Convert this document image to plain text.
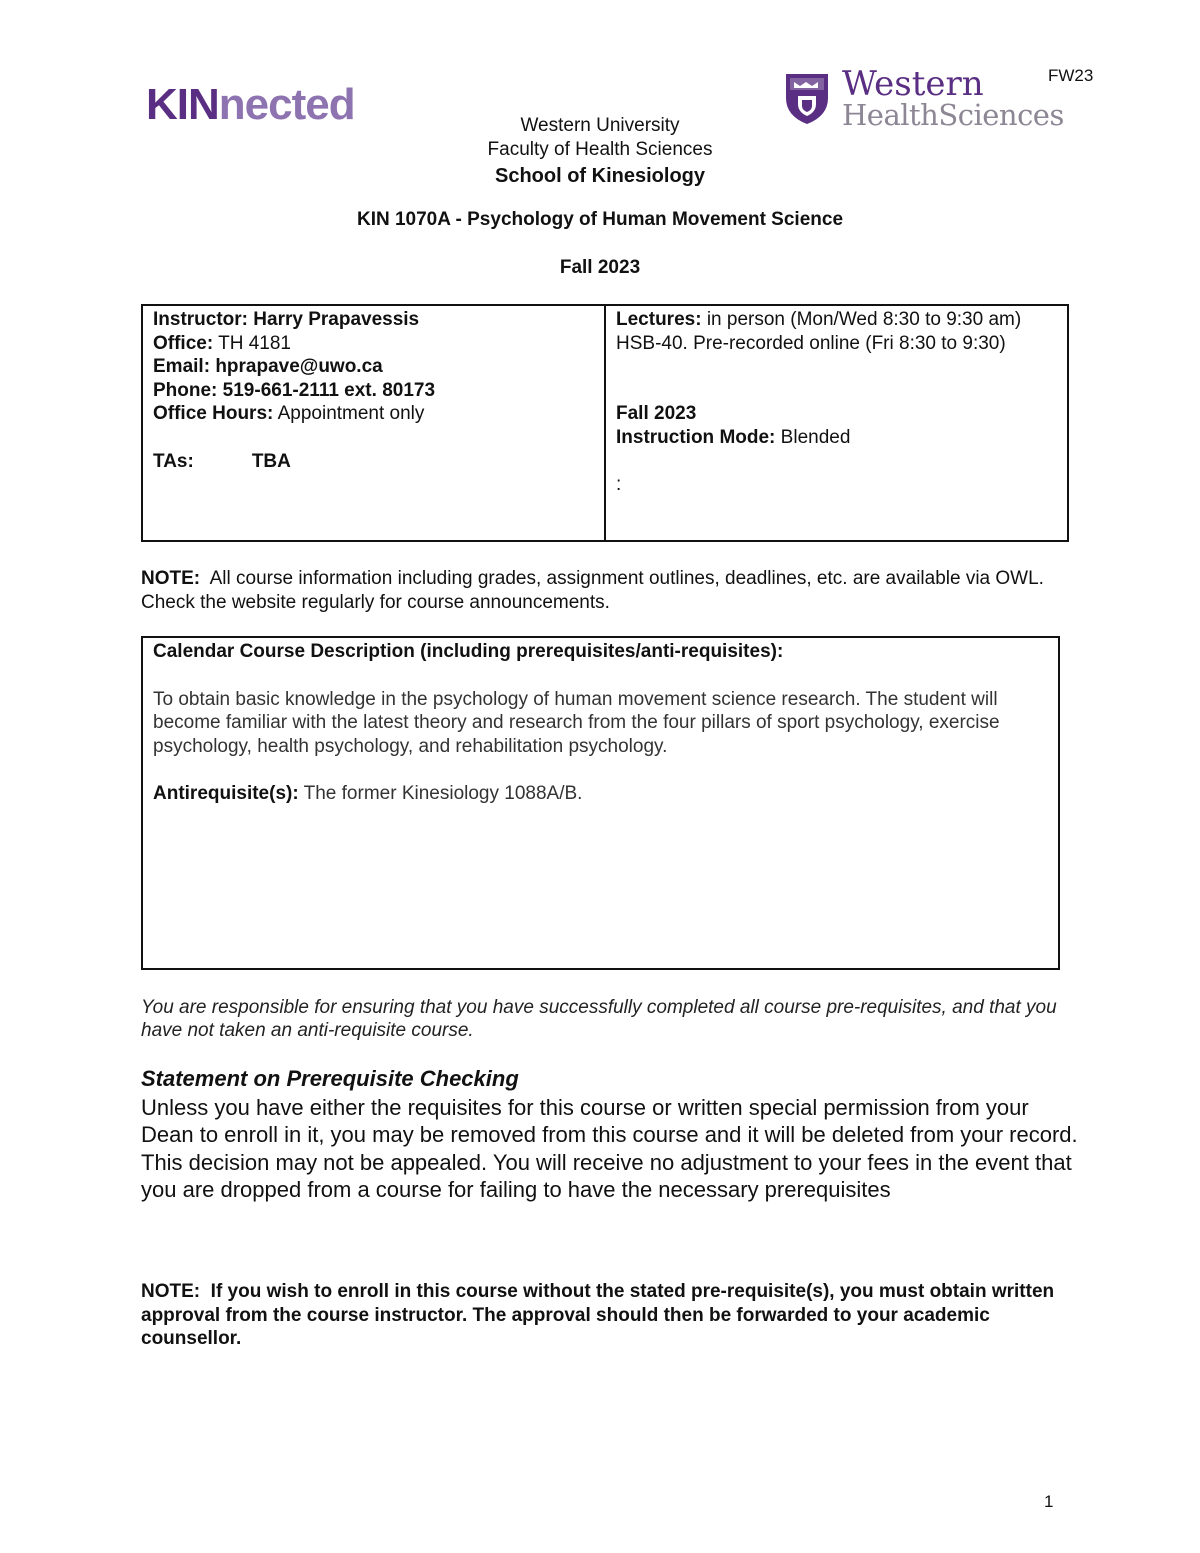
FW23
KINnected	Western
HealthSciences
Western University
Faculty of Health Sciences
School of Kinesiology
KIN 1070A - Psychology of Human Movement Science
Fall 2023
Instructor: Harry Prapavessis
Office: TH 4181
Email: hprapave@uwo.ca
Phone: 519-661-2111 ext. 80173
Office Hours: Appointment only
TAs:	TBA
Lectures: in person (Mon/Wed 8:30 to 9:30 am)
HSB-40. Pre-recorded online (Fri 8:30 to 9:30)
Fall 2023
Instruction Mode: Blended
:
NOTE: All course information including grades, assignment outlines, deadlines, etc. are available via OWL. Check the website regularly for course announcements.
Calendar Course Description (including prerequisites/anti-requisites):
To obtain basic knowledge in the psychology of human movement science research. The student will become familiar with the latest theory and research from the four pillars of sport psychology, exercise psychology, health psychology, and rehabilitation psychology.
Antirequisite(s): The former Kinesiology 1088A/B.
You are responsible for ensuring that you have successfully completed all course pre-requisites, and that you have not taken an anti-requisite course.
Statement on Prerequisite Checking
Unless you have either the requisites for this course or written special permission from your Dean to enroll in it, you may be removed from this course and it will be deleted from your record. This decision may not be appealed. You will receive no adjustment to your fees in the event that you are dropped from a course for failing to have the necessary prerequisites
NOTE: If you wish to enroll in this course without the stated pre-requisite(s), you must obtain written approval from the course instructor. The approval should then be forwarded to your academic counsellor.
1
